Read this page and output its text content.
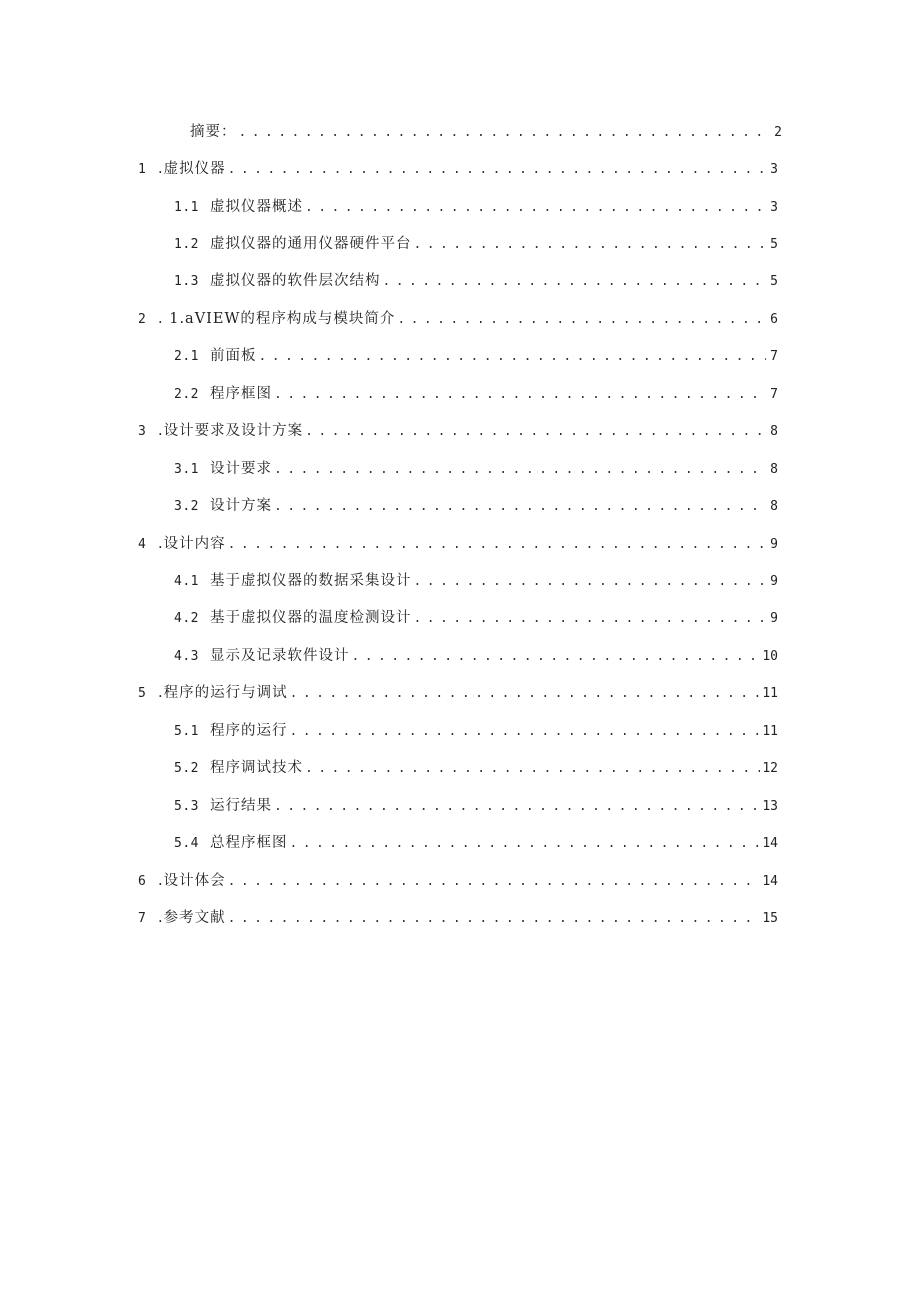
摘要： . . .	2
1 .虚拟仪器 . . .	3
1.1 虚拟仪器概述 . . .	3
1.2 虚拟仪器的通用仪器硬件平台 . . .	5
1.3 虚拟仪器的软件层次结构 . . .	5
2 . 1.aVIEW的程序构成与模块简介 . . .	6
2.1 前面板 . . .	7
2.2 程序框图 . . .	7
3 .设计要求及设计方案 . . .	8
3.1 设计要求 . . .	8
3.2 设计方案 . . .	8
4 .设计内容 . . .	9
4.1 基于虚拟仪器的数据采集设计 . . .	9
4.2 基于虚拟仪器的温度检测设计 . . .	9
4.3 显示及记录软件设计 . . .	10
5 .程序的运行与调试 . . .	11
5.1 程序的运行 . . .	11
5.2 程序调试技术 . . .	12
5.3 运行结果 . . .	13
5.4 总程序框图 . . .	14
6 .设计体会 . . .	14
7 .参考文献 . . .	15
